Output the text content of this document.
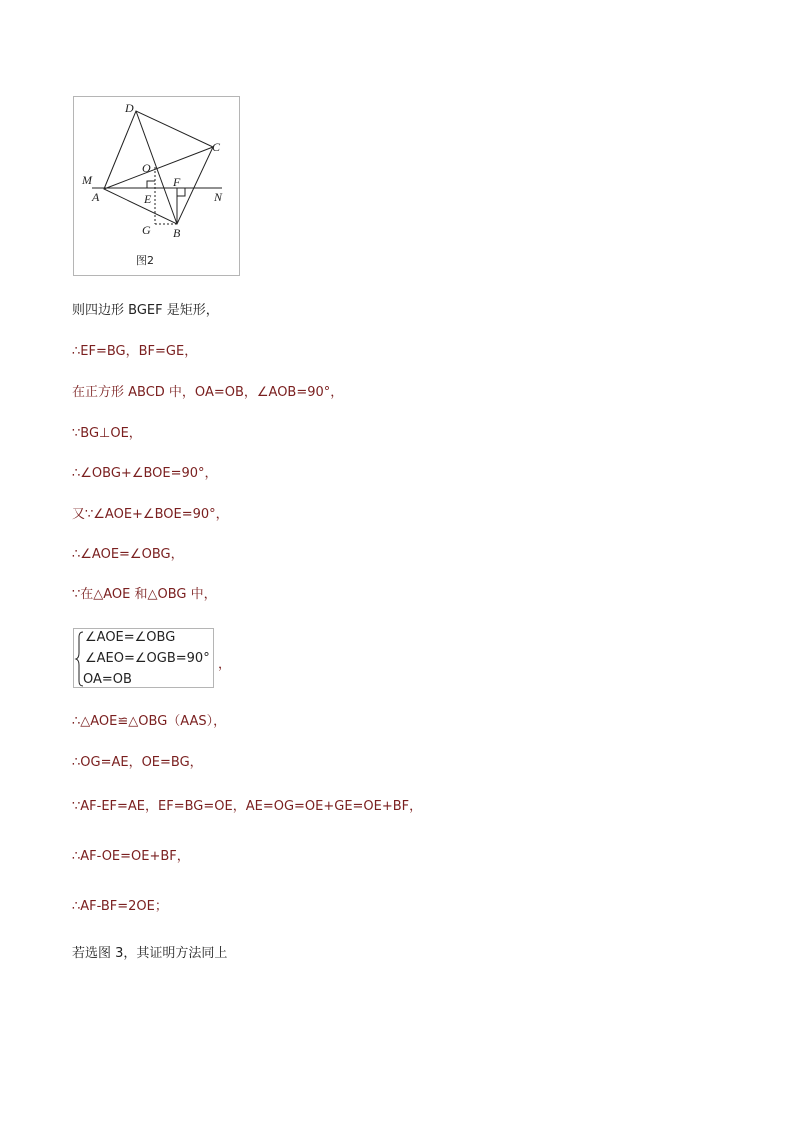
D
C
O
M	F
A	E	N
G B
图2
则四边形 BGEF 是矩形，
∴EF=BG，BF=GE，
在正方形 ABCD 中，OA=OB，∠AOB=90°，
∵BG⊥OE，
∴∠OBG+∠BOE=90°，
又∵∠AOE+∠BOE=90°，
∴∠AOE=∠OBG，
∵在△AOE 和△OBG 中，
∠AOE=∠OBG
∠AEO=∠OGB=90°
OA=OB
，
∴△AOE≌△OBG（AAS），
∴OG=AE，OE=BG，
∵AF-EF=AE，EF=BG=OE，AE=OG=OE+GE=OE+BF，
∴AF-OE=OE+BF，
∴AF-BF=2OE；
若选图 3，其证明方法同上
